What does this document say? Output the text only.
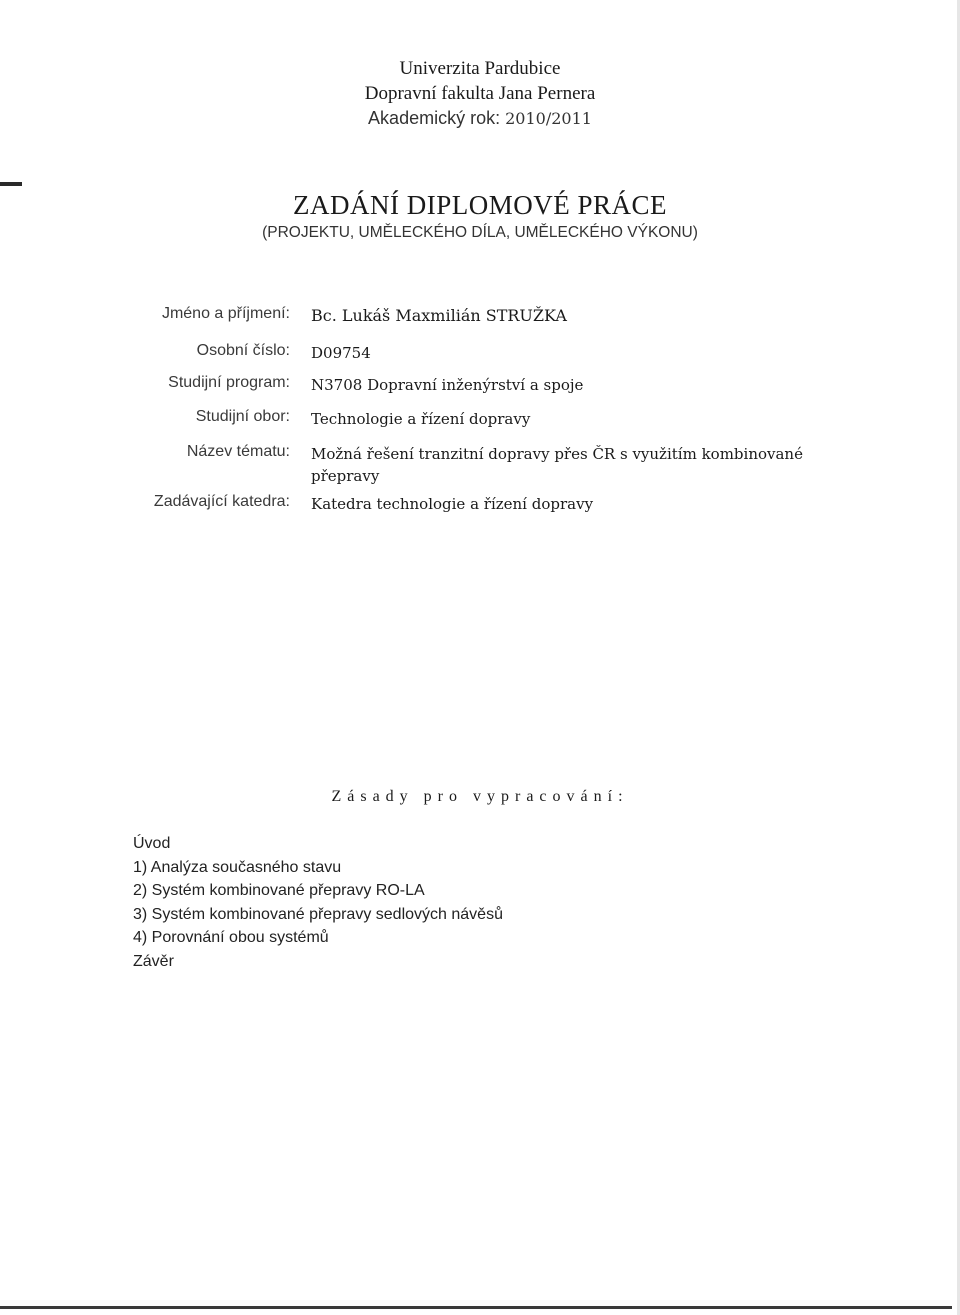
Univerzita Pardubice
Dopravní fakulta Jana Pernera
Akademický rok: 2010/2011
ZADÁNÍ DIPLOMOVÉ PRÁCE
(PROJEKTU, UMĚLECKÉHO DÍLA, UMĚLECKÉHO VÝKONU)
Jméno a příjmení: Bc. Lukáš Maxmilián STRUŽKA
Osobní číslo: D09754
Studijní program: N3708 Dopravní inženýrství a spoje
Studijní obor: Technologie a řízení dopravy
Název tématu: Možná řešení tranzitní dopravy přes ČR s využitím kombinované přepravy
Zadávající katedra: Katedra technologie a řízení dopravy
Zásady pro vypracování:
Úvod
1) Analýza současného stavu
2) Systém kombinované přepravy RO-LA
3) Systém kombinované přepravy sedlových návěsů
4) Porovnání obou systémů
Závěr
